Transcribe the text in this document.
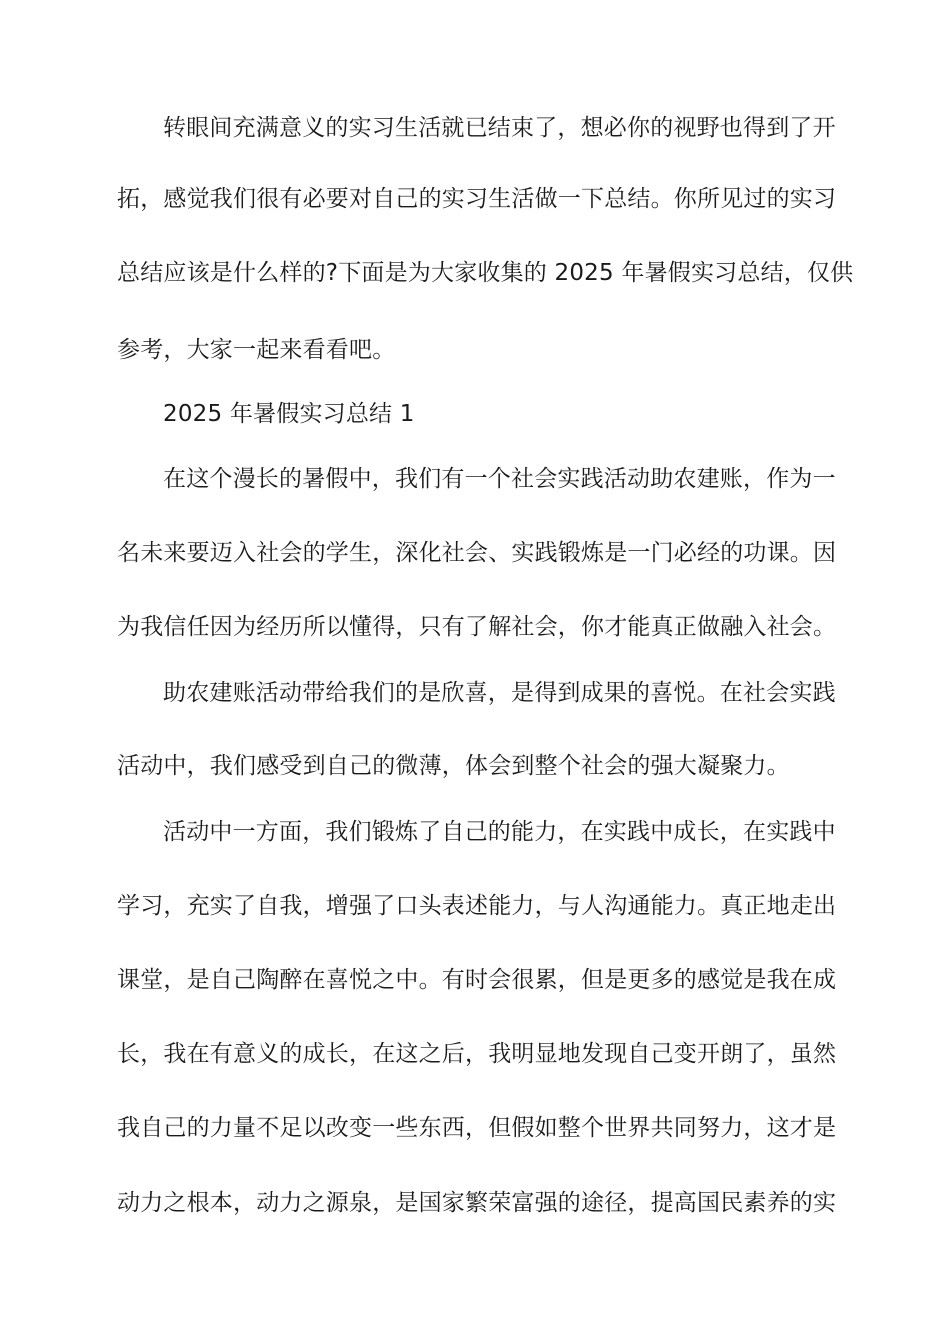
转眼间充满意义的实习生活就已结束了，想必你的视野也得到了开
拓，感觉我们很有必要对自己的实习生活做一下总结。你所见过的实习
总结应该是什么样的?下面是为大家收集的 2025 年暑假实习总结，仅供
参考，大家一起来看看吧。
2025 年暑假实习总结 1
在这个漫长的暑假中，我们有一个社会实践活动助农建账，作为一
名未来要迈入社会的学生，深化社会、实践锻炼是一门必经的功课。因
为我信任因为经历所以懂得，只有了解社会，你才能真正做融入社会。
助农建账活动带给我们的是欣喜，是得到成果的喜悦。在社会实践
活动中，我们感受到自己的微薄，体会到整个社会的强大凝聚力。
活动中一方面，我们锻炼了自己的能力，在实践中成长，在实践中
学习，充实了自我，增强了口头表述能力，与人沟通能力。真正地走出
课堂，是自己陶醉在喜悦之中。有时会很累，但是更多的感觉是我在成
长，我在有意义的成长，在这之后，我明显地发现自己变开朗了，虽然
我自己的力量不足以改变一些东西，但假如整个世界共同努力，这才是
动力之根本，动力之源泉，是国家繁荣富强的途径，提高国民素养的实
